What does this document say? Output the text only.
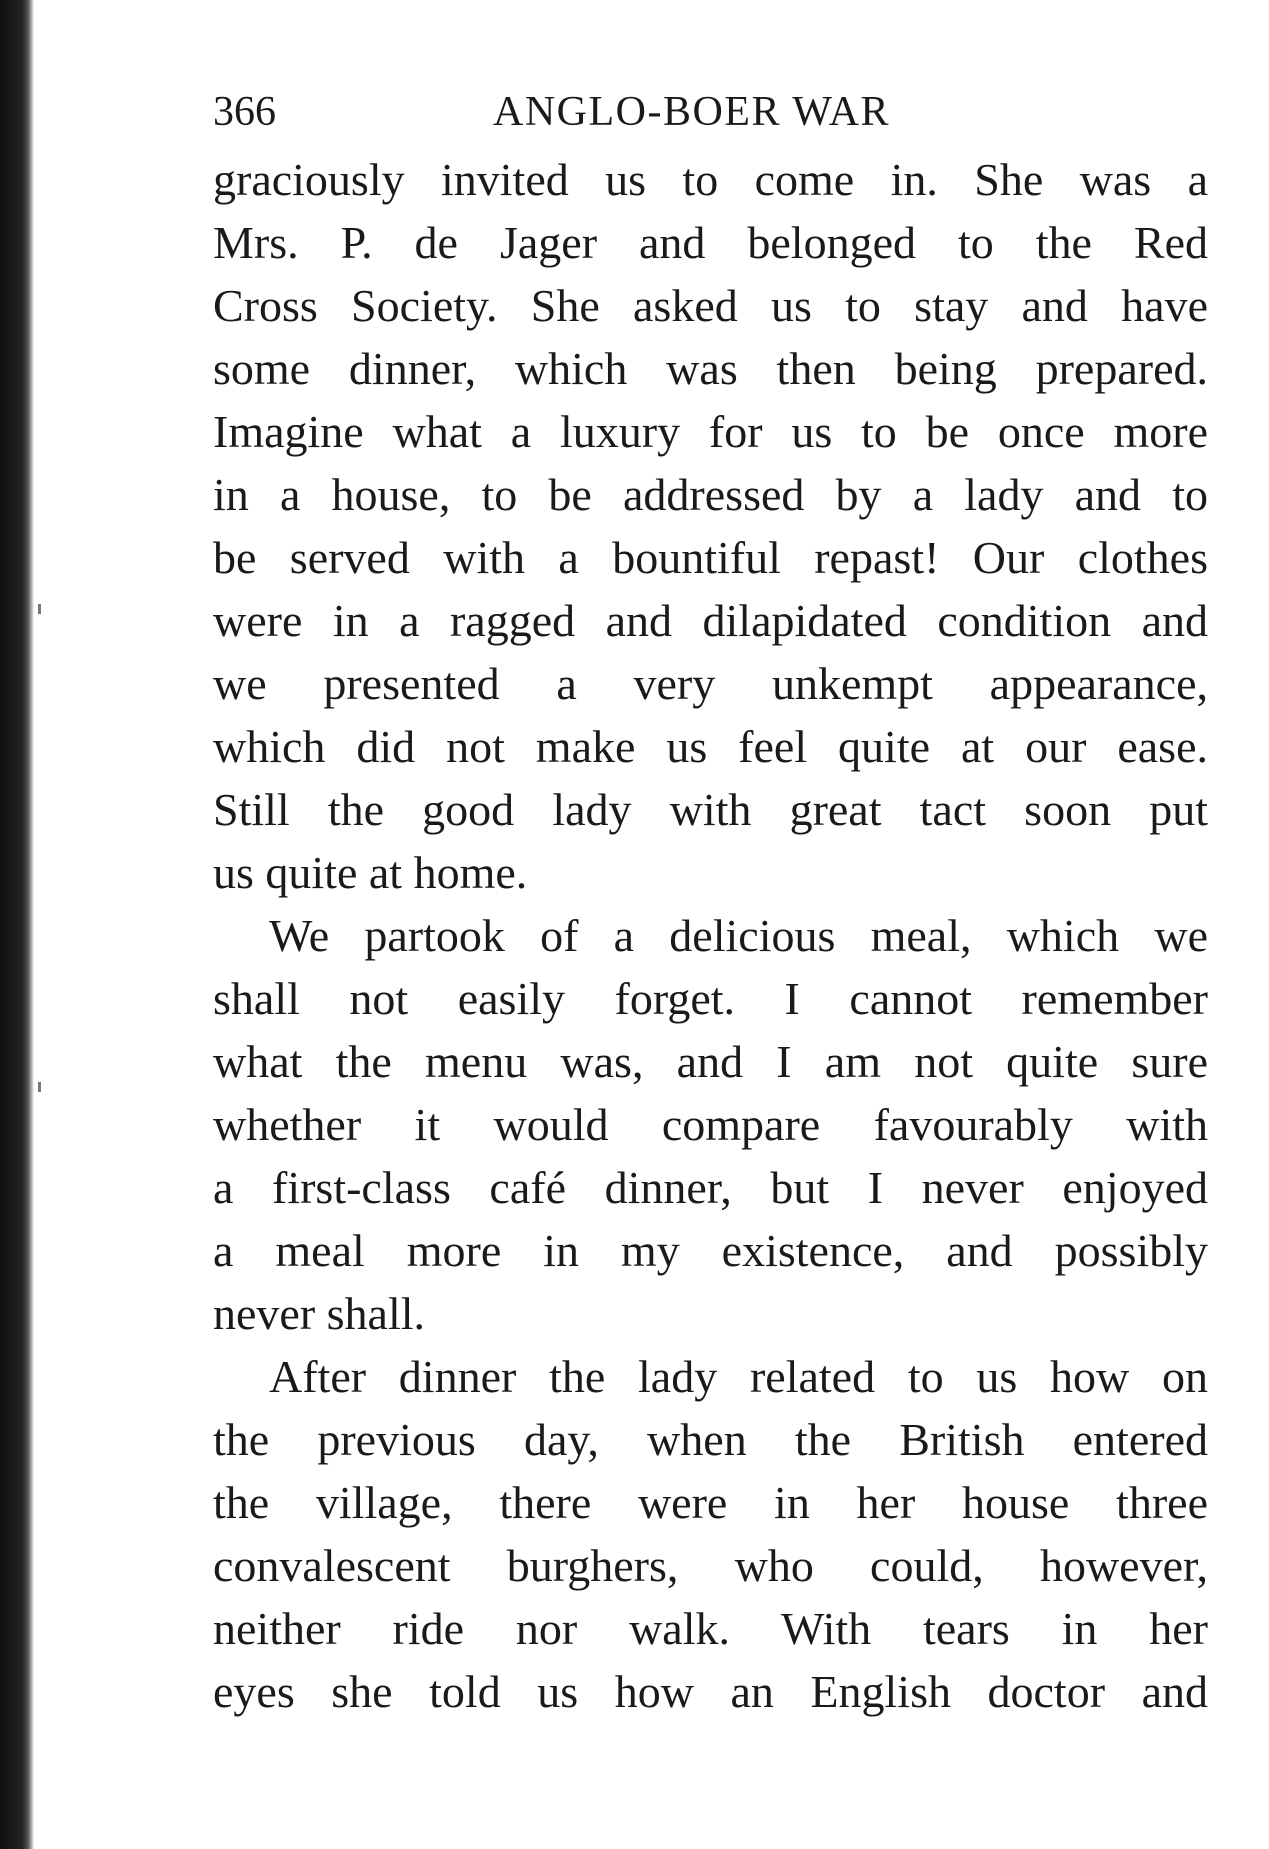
366	ANGLO-BOER WAR
graciously invited us to come in. She was a
Mrs. P. de Jager and belonged to the Red
Cross Society. She asked us to stay and have
some dinner, which was then being prepared.
Imagine what a luxury for us to be once more
in a house, to be addressed by a lady and to
be served with a bountiful repast! Our clothes
were in a ragged and dilapidated condition and
we presented a very unkempt appearance,
which did not make us feel quite at our ease.
Still the good lady with great tact soon put
us quite at home.
We partook of a delicious meal, which we
shall not easily forget. I cannot remember
what the menu was, and I am not quite sure
whether it would compare favourably with
a first-class café dinner, but I never enjoyed
a meal more in my existence, and possibly
never shall.
After dinner the lady related to us how on
the previous day, when the British entered
the village, there were in her house three
convalescent burghers, who could, however,
neither ride nor walk. With tears in her
eyes she told us how an English doctor and
